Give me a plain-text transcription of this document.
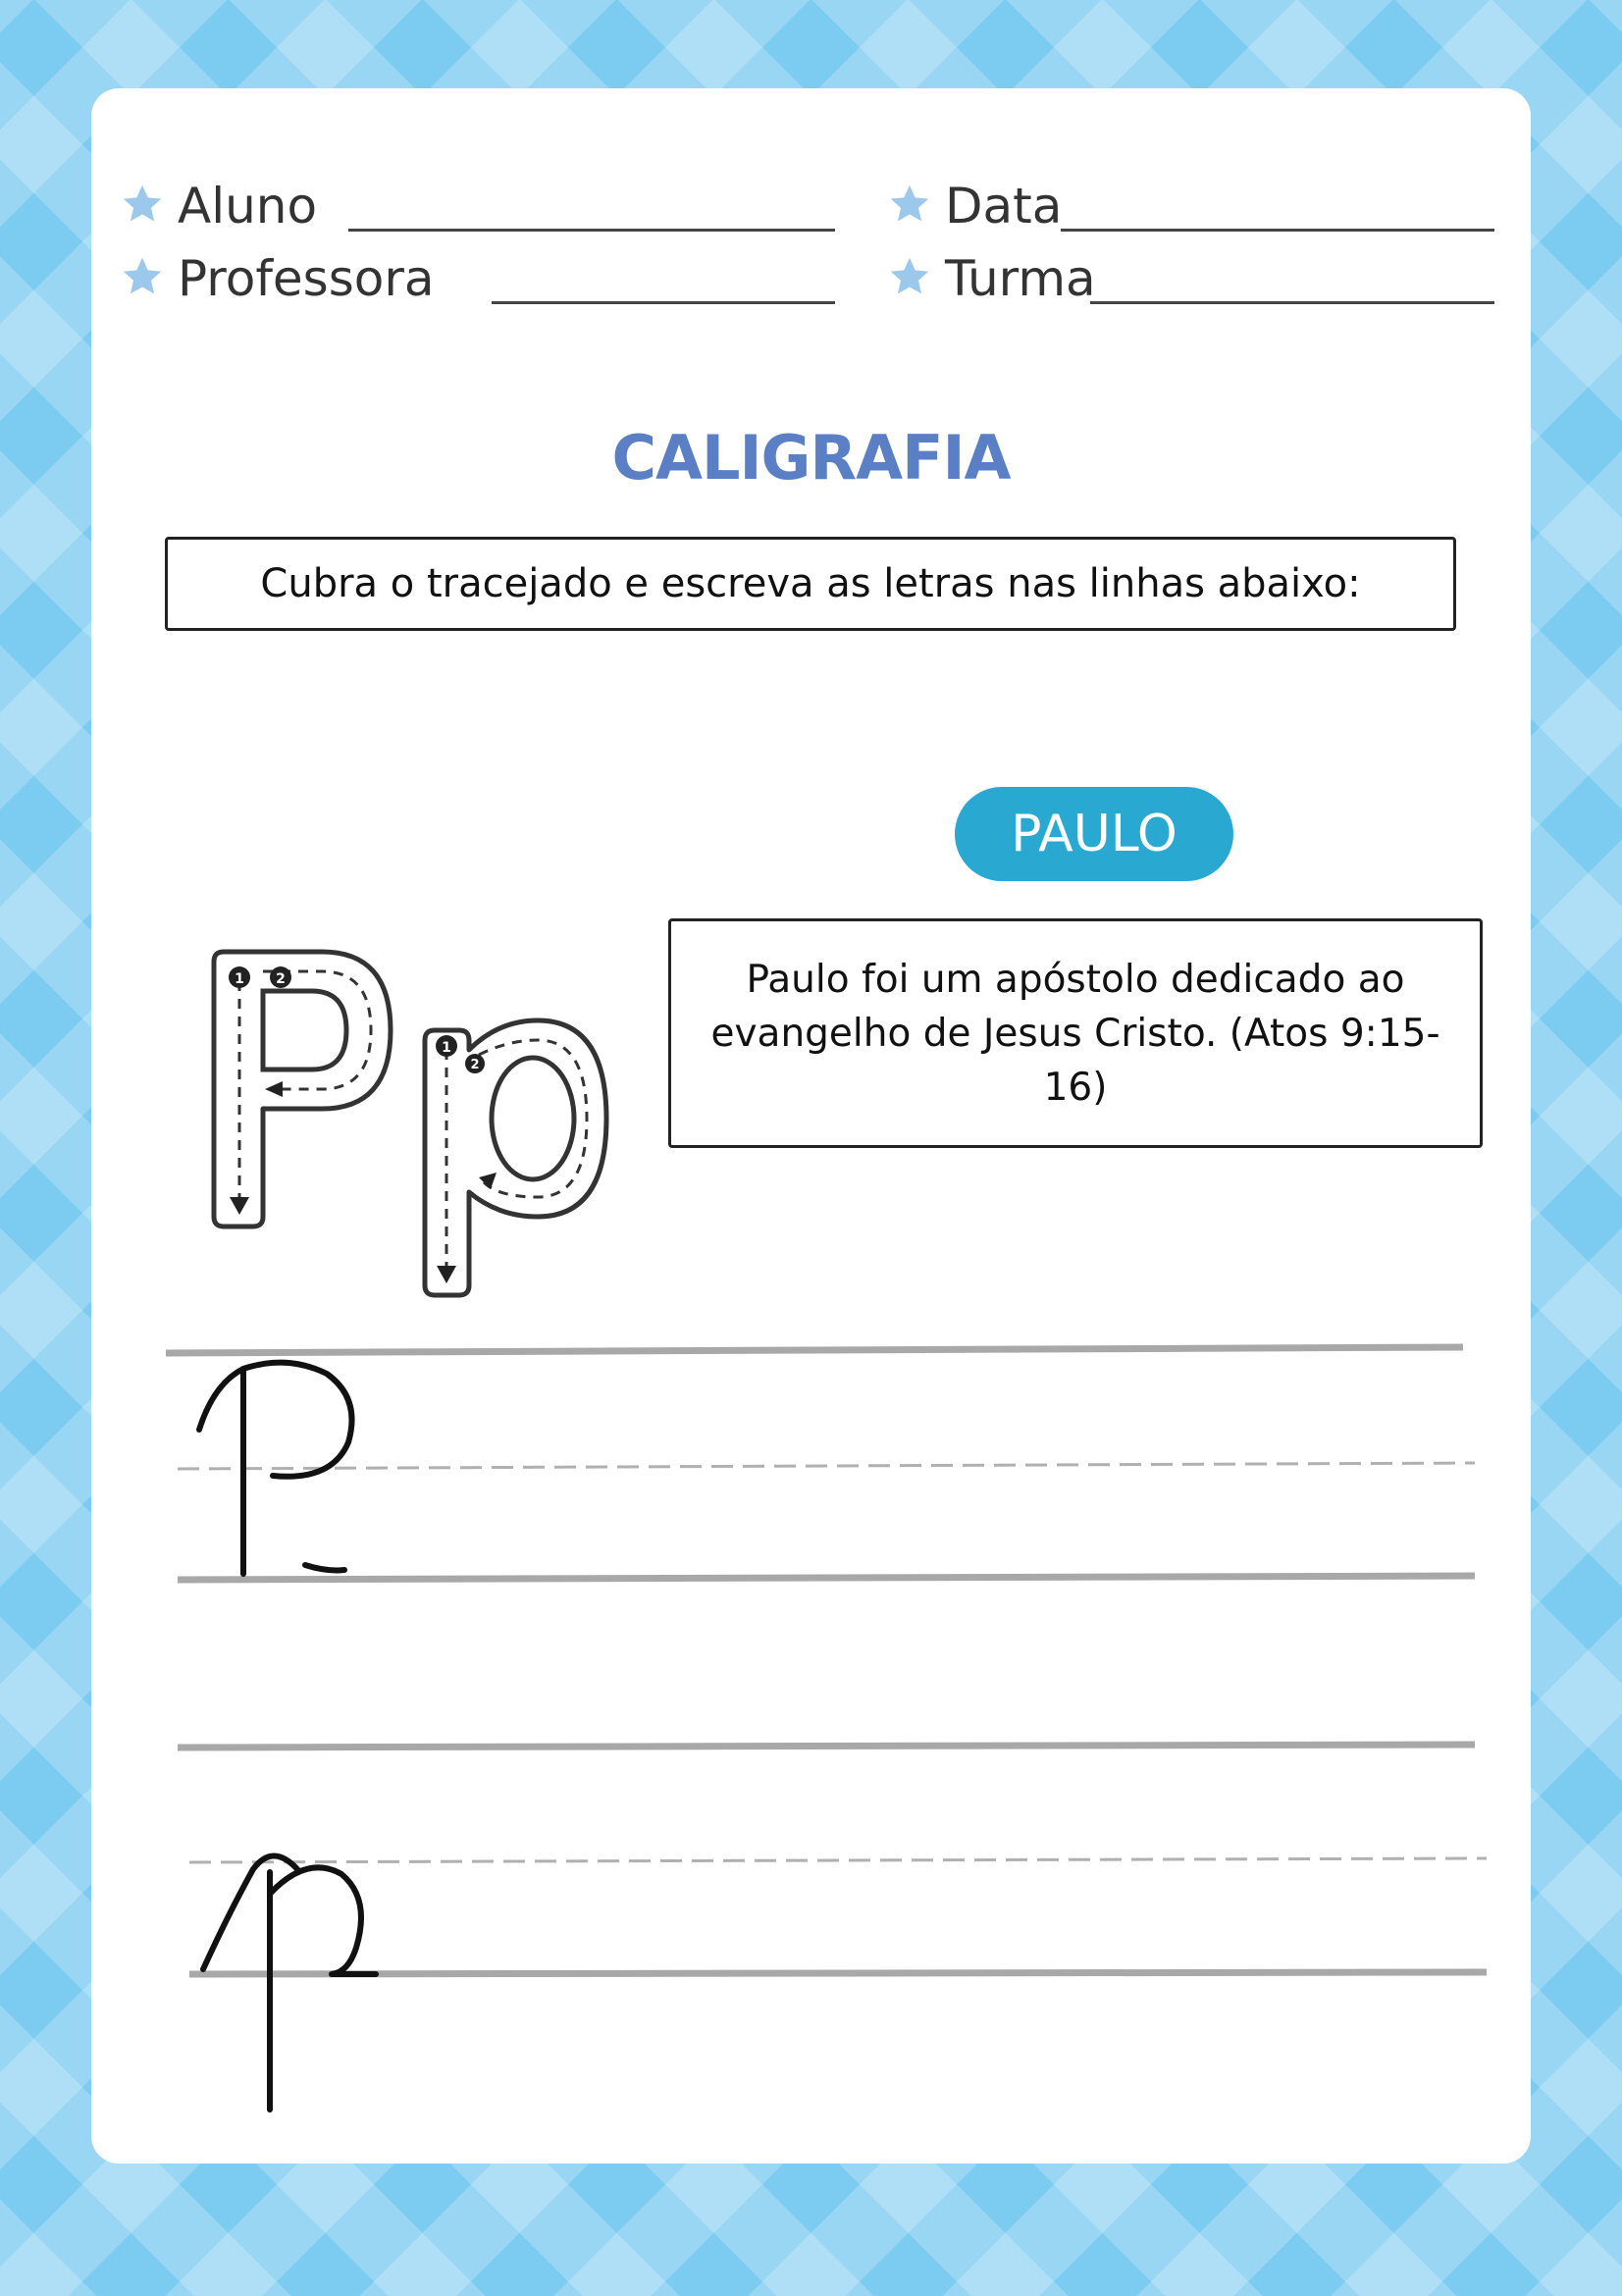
Aluno	Data
Professora	Turma
CALIGRAFIA
Cubra o tracejado e escreva as letras nas linhas abaixo:
1 2
1
2
PAULO
Paulo foi um apóstolo dedicado ao evangelho de Jesus Cristo. (Atos 9:15-16)
